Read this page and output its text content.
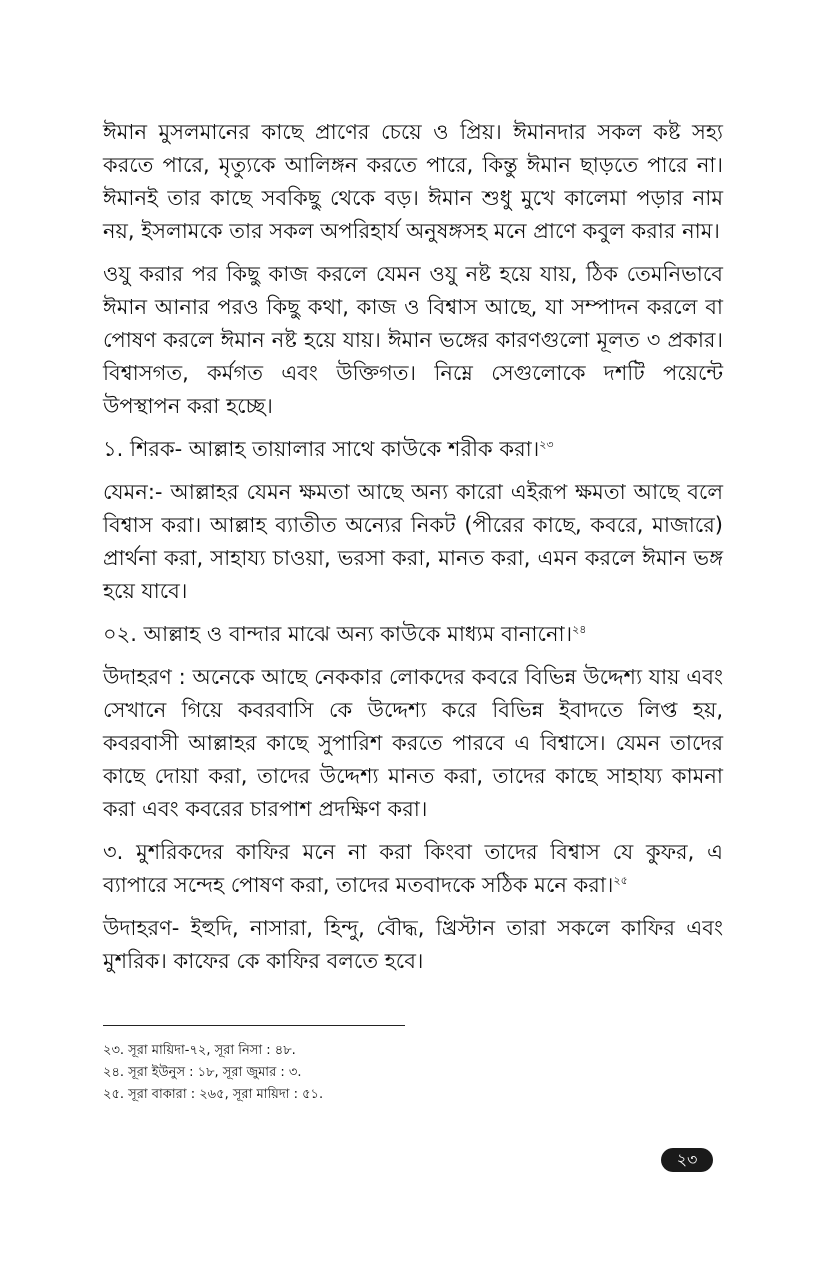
ঈমান মুসলমানের কাছে প্রাণের চেয়ে ও প্রিয়। ঈমানদার সকল কষ্ট সহ্য করতে পারে, মৃত্যুকে আলিঙ্গন করতে পারে, কিন্তু ঈমান ছাড়তে পারে না। ঈমানই তার কাছে সবকিছু থেকে বড়। ঈমান শুধু মুখে কালেমা পড়ার নাম নয়, ইসলামকে তার সকল অপরিহার্য অনুষঙ্গসহ মনে প্রাণে কবুল করার নাম।

ওযু করার পর কিছু কাজ করলে যেমন ওযু নষ্ট হয়ে যায়, ঠিক তেমনিভাবে ঈমান আনার পরও কিছু কথা, কাজ ও বিশ্বাস আছে, যা সম্পাদন করলে বা পোষণ করলে ঈমান নষ্ট হয়ে যায়। ঈমান ভঙ্গের কারণগুলো মূলত ৩ প্রকার। বিশ্বাসগত, কর্মগত এবং উক্তিগত। নিম্নে সেগুলোকে দশটি পয়েন্টে উপস্থাপন করা হচ্ছে।

১. শিরক- আল্লাহ তায়ালার সাথে কাউকে শরীক করা।$^{২৩}$

যেমন:- আল্লাহর যেমন ক্ষমতা আছে অন্য কারো এইরূপ ক্ষমতা আছে বলে বিশ্বাস করা। আল্লাহ ব্যাতীত অন্যের নিকট (পীরের কাছে, কবরে, মাজারে) প্রার্থনা করা, সাহায্য চাওয়া, ভরসা করা, মানত করা, এমন করলে ঈমান ভঙ্গ হয়ে যাবে।

০২. আল্লাহ ও বান্দার মাঝে অন্য কাউকে মাধ্যম বানানো।$^{২৪}$

উদাহরণ : অনেকে আছে নেককার লোকদের কবরে বিভিন্ন উদ্দেশ্য যায় এবং সেখানে গিয়ে কবরবাসি কে উদ্দেশ্য করে বিভিন্ন ইবাদতে লিপ্ত হয়, কবরবাসী আল্লাহর কাছে সুপারিশ করতে পারবে এ বিশ্বাসে। যেমন তাদের কাছে দোয়া করা, তাদের উদ্দেশ্য মানত করা, তাদের কাছে সাহায্য কামনা করা এবং কবরের চারপাশ প্রদক্ষিণ করা।

৩. মুশরিকদের কাফির মনে না করা কিংবা তাদের বিশ্বাস যে কুফর, এ ব্যাপারে সন্দেহ পোষণ করা, তাদের মতবাদকে সঠিক মনে করা।$^{২৫}$

উদাহরণ- ইহুদি, নাসারা, হিন্দু, বৌদ্ধ, খ্রিস্টান তারা সকলে কাফির এবং মুশরিক। কাফের কে কাফির বলতে হবে।

২৩. সূরা মায়িদা-৭২, সূরা নিসা : ৪৮.

২৪. সূরা ইউনুস : ১৮, সূরা জুমার : ৩.

২৫. সূরা বাকারা : ২৬৫, সূরা মায়িদা : ৫১.

২৩
